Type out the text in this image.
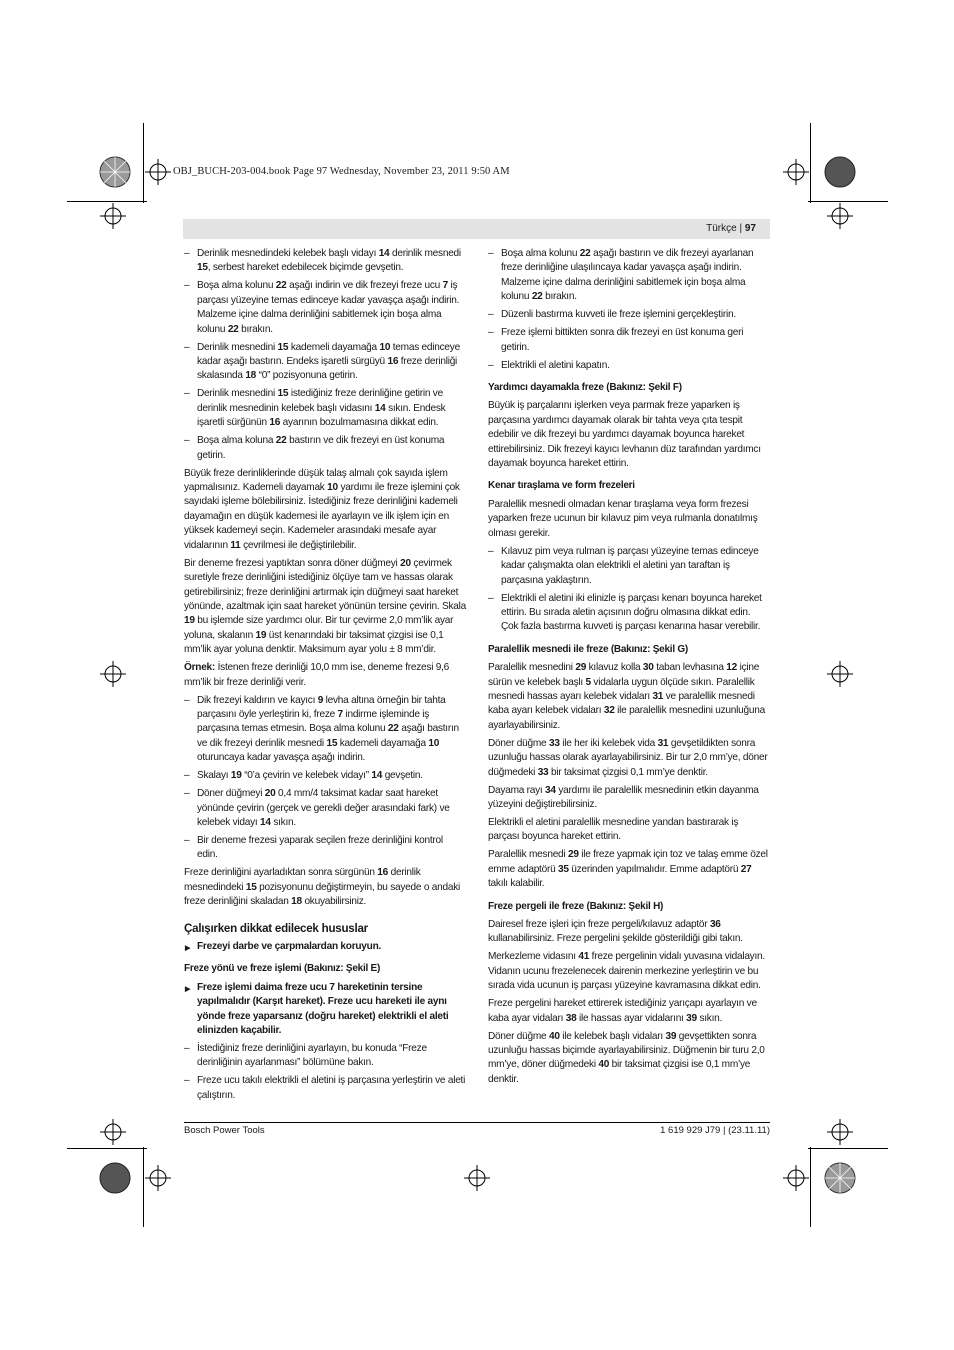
OBJ_BUCH-203-004.book Page 97 Wednesday, November 23, 2011 9:50 AM
Türkçe | 97

– Derinlik mesnedindeki kelebek başlı vidayı 14 derinlik mesnedi 15, serbest hareket edebilecek biçimde gevşetin.

– Boşa alma kolunu 22 aşağı indirin ve dik frezeyi freze ucu 7 iş parçası yüzeyine temas edinceye kadar yavaşça aşağı indirin. Malzeme içine dalma derinliğini sabitlemek için boşa alma kolunu 22 bırakın.

– Derinlik mesnedini 15 kademeli dayamağa 10 temas edinceye kadar aşağı bastırın. Endeks işaretli sürgüyü 16 freze derinliği skalasında 18 “0” pozisyonuna getirin.

– Derinlik mesnedini 15 istediğiniz freze derinliğine getirin ve derinlik mesnedinin kelebek başlı vidasını 14 sıkın. Endesk işaretli sürğünün 16 ayarının bozulmamasına dikkat edin.

– Boşa alma koluna 22 bastırın ve dik frezeyi en üst konuma getirin.

Büyük freze derinliklerinde düşük talaş almalı çok sayıda işlem yapmalısınız. Kademeli dayamak 10 yardımı ile freze işlemini çok sayıdaki işleme bölebilirsiniz. İstediğiniz freze derinliğini kademeli dayamağın en düşük kademesi ile ayarlayın ve ilk işlem için en yüksek kademeyi seçin. Kademeler arasındaki mesafe ayar vidalarının 11 çevrilmesi ile değiştirilebilir.

Bir deneme frezesi yaptıktan sonra döner düğmeyi 20 çevirmek suretiyle freze derinliğini istediğiniz ölçüye tam ve hassas olarak getirebilirsiniz; freze derinliğini artırmak için düğmeyi saat hareket yönünde, azaltmak için saat hareket yönünün tersine çevirin. Skala 19 bu işlemde size yardımcı olur. Bir tur çevirme 2,0 mm’lik ayar yoluna, skalanın 19 üst kenarındaki bir taksimat çizgisi ise 0,1 mm’lik ayar yoluna denktir. Maksimum ayar yolu ± 8 mm’dir.

Örnek: İstenen freze derinliği 10,0 mm ise, deneme frezesi 9,6 mm’lik bir freze derinliği verir.

– Dik frezeyi kaldırın ve kayıcı 9 levha altına örneğin bir tahta parçasını öyle yerleştirin ki, freze 7 indirme işleminde iş parçasına temas etmesin. Boşa alma kolunu 22 aşağı bastırın ve dik frezeyi derinlik mesnedi 15 kademeli dayamağa 10 oturuncaya kadar yavaşça aşağı indirin.

– Skalayı 19 “0’a çevirin ve kelebek vidayı” 14 gevşetin.

– Döner düğmeyi 20 0,4 mm/4 taksimat kadar saat hareket yönünde çevirin (gerçek ve gerekli değer arasındaki fark) ve kelebek vidayı 14 sıkın.

– Bir deneme frezesi yaparak seçilen freze derinliğini kontrol edin.

Freze derinliğini ayarladıktan sonra sürgünün 16 derinlik mesnedindeki 15 pozisyonunu değiştirmeyin, bu sayede o andaki freze derinliğini skaladan 18 okuyabilirsiniz.

Çalışırken dikkat edilecek hususlar

▶ Frezeyi darbe ve çarpmalardan koruyun.

Freze yönü ve freze işlemi (Bakınız: Şekil E)

▶ Freze işlemi daima freze ucu 7 hareketinin tersine yapılmalıdır (Karşıt hareket). Freze ucu hareketi ile aynı yönde freze yaparsanız (doğru hareket) elektrikli el aleti elinizden kaçabilir.

– İstediğiniz freze derinliğini ayarlayın, bu konuda “Freze derinliğinin ayarlanması” bölümüne bakın.

– Freze ucu takılı elektrikli el aletini iş parçasına yerleştirin ve aleti çalıştırın.

– Boşa alma kolunu 22 aşağı bastırın ve dik frezeyi ayarlanan freze derinliğine ulaşılıncaya kadar yavaşça aşağı indirin. Malzeme içine dalma derinliğini sabitlemek için boşa alma kolunu 22 bırakın.

– Düzenli bastırma kuvveti ile freze işlemini gerçekleştirin.

– Freze işlemi bittikten sonra dik frezeyi en üst konuma geri getirin.

– Elektrikli el aletini kapatın.

Yardımcı dayamakla freze (Bakınız: Şekil F)

Büyük iş parçalarını işlerken veya parmak freze yaparken iş parçasına yardımcı dayamak olarak bir tahta veya çıta tespit edebilir ve dik frezeyi bu yardımcı dayamak boyunca hareket ettirebilirsiniz. Dik frezeyi kayıcı levhanın düz tarafından yardımcı dayamak boyunca hareket ettirin.

Kenar tıraşlama ve form frezeleri

Paralellik mesnedi olmadan kenar tıraşlama veya form frezesi yaparken freze ucunun bir kılavuz pim veya rulmanla donatılmış olması gerekir.

– Kılavuz pim veya rulman iş parçası yüzeyine temas edinceye kadar çalışmakta olan elektrikli el aletini yan taraftan iş parçasına yaklaştırın.

– Elektrikli el aletini iki elinizle iş parçası kenarı boyunca hareket ettirin. Bu sırada aletin açısının doğru olmasına dikkat edin. Çok fazla bastırma kuvveti iş parçası kenarına hasar verebilir.

Paralellik mesnedi ile freze (Bakınız: Şekil G)

Paralellik mesnedini 29 kılavuz kolla 30 taban levhasına 12 içine sürün ve kelebek başlı 5 vidalarla uygun ölçüde sıkın. Paralellik mesnedi hassas ayarı kelebek vidaları 31 ve paralellik mesnedi kaba ayarı kelebek vidaları 32 ile paralellik mesnedini uzunluğuna ayarlayabilirsiniz.

Döner düğme 33 ile her iki kelebek vida 31 gevşetildikten sonra uzunluğu hassas olarak ayarlayabilirsiniz. Bir tur 2,0 mm’ye, döner düğmedeki 33 bir taksimat çizgisi 0,1 mm’ye denktir.

Dayama rayı 34 yardımı ile paralellik mesnedinin etkin dayanma yüzeyini değiştirebilirsiniz.

Elektrikli el aletini paralellik mesnedine yandan bastırarak iş parçası boyunca hareket ettirin.

Paralellik mesnedi 29 ile freze yapmak için toz ve talaş emme özel emme adaptörü 35 üzerinden yapılmalıdır. Emme adaptörü 27 takılı kalabilir.

Freze pergeli ile freze (Bakınız: Şekil H)

Dairesel freze işleri için freze pergeli/kılavuz adaptör 36 kullanabilirsiniz. Freze pergelini şekilde gösterildiği gibi takın.

Merkezleme vidasını 41 freze pergelinin vidalı yuvasına vidalayın. Vidanın ucunu frezelenecek dairenin merkezine yerleştirin ve bu sırada vida ucunun iş parçası yüzeyine kavramasına dikkat edin.

Freze pergelini hareket ettirerek istediğiniz yarıçapı ayarlayın ve kaba ayar vidaları 38 ile hassas ayar vidalarını 39 sıkın.

Döner düğme 40 ile kelebek başlı vidaları 39 gevşettikten sonra uzunluğu hassas biçimde ayarlayabilirsiniz. Düğmenin bir turu 2,0 mm’ye, döner düğmedeki 40 bir taksimat çizgisi ise 0,1 mm’ye denktir.

Bosch Power Tools	1 619 929 J79 | (23.11.11)
